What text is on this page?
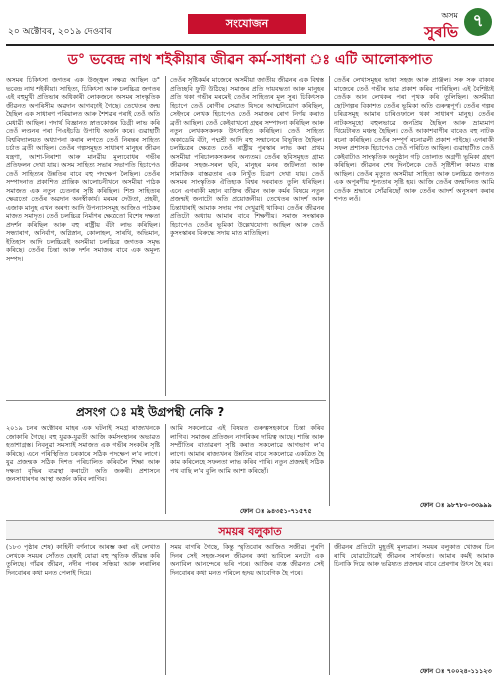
২০ অক্টোবৰ, ২০১৯ দেওবাৰ
সংযোজন
অসম
সুৰভি
৭
ড° ভবেন্দ্ৰ নাথ শইকীয়াৰ জীৱন কৰ্ম-সাধনা ঃ এটি আলোকপাত

অসমৰ চিকিৎসা জগতৰ এক উজ্জ্বল নক্ষত্ৰ আছিল ড° ভবেন্দ্ৰ নাথ শইকীয়া। সাহিত্য, চিকিৎসা আৰু চলচ্চিত্ৰ জগতৰ এই বহুমুখী প্ৰতিভাৰ অধিকাৰী লোকজনে অসমৰ সাংস্কৃতিক জীৱনত অপৰিসীম অৱদান আগবঢ়াই গৈছে। তেখেতৰ জন্ম হৈছিল এক সাধাৰণ পৰিয়ালত আৰু শৈশৱৰ পৰাই তেওঁ অতি মেধাৱী আছিল। পদাৰ্থ বিজ্ঞানত স্নাতকোত্তৰ ডিগ্ৰী লাভ কৰি তেওঁ লণ্ডনৰ পৰা পিএইচডি উপাধি অৰ্জন কৰে। গুৱাহাটী বিশ্ববিদ্যালয়ত অধ্যাপনা কৰাৰ লগতে তেওঁ নিৰন্তৰ সাহিত্য চৰ্চাত ব্ৰতী আছিল। তেওঁৰ গল্পসমূহত সাধাৰণ মানুহৰ জীৱন যন্ত্ৰণা, আশা-নিৰাশা আৰু মানৱীয় মূল্যবোধৰ গভীৰ প্ৰতিফলন দেখা যায়। অসম সাহিত্য সভাৰ সভাপতি হিচাপেও তেওঁ সাহিত্যৰ উন্নতিৰ বাবে বহু পদক্ষেপ লৈছিল। তেওঁৰ সম্পাদনাত প্ৰকাশিত প্ৰান্তিক আলোচনীখনে অসমীয়া পাঠক সমাজত এক নতুন চেতনাৰ সৃষ্টি কৰিছিল। শিশু সাহিত্যৰ ক্ষেত্ৰতো তেওঁৰ অৱদান অনস্বীকাৰ্য। মৰমৰ দেউতা, প্ৰহৰী, এজাক মানুহ এখন অৰণ্য আদি উপন্যাসসমূহ আজিও পাঠকৰ মাজত সমাদৃত। তেওঁ চলচ্চিত্ৰ নিৰ্মাণৰ ক্ষেত্ৰতো বিশেষ দক্ষতা প্ৰদৰ্শন কৰিছিল আৰু বহু ৰাষ্ট্ৰীয় বঁটা লাভ কৰিছিল। সন্ধ্যাৰাগ, অনিৰ্বাণ, অগ্নিস্নান, কোলাহল, সাৰথি, অভিমান, ইতিহাস আদি চলচ্চিত্ৰই অসমীয়া চলচ্চিত্ৰ জগতক সমৃদ্ধ কৰিছে। তেওঁৰ চিন্তা আৰু দৰ্শন সমাজৰ বাবে এক অমূল্য সম্পদ।

তেওঁৰ সৃষ্টিকৰ্মৰ মাজেৰে অসমীয়া জাতীয় জীৱনৰ এক বিশ্বস্ত প্ৰতিচ্ছবি ফুটি উঠিছে। সমাজৰ প্ৰতি দায়বদ্ধতা আৰু মানুহৰ প্ৰতি থকা গভীৰ মৰমেই তেওঁৰ সাহিত্যৰ মূল সুৰ। চিকিৎসক হিচাপে তেওঁ ৰোগীৰ সেৱাত যিদৰে আত্মনিয়োগ কৰিছিল, সেইদৰে লেখক হিচাপেও তেওঁ সমাজৰ ৰোগ নিৰ্ণয় কৰাত ব্ৰতী আছিল। তেওঁ কেইবাখনো গ্ৰন্থৰ সম্পাদনা কৰিছিল আৰু নতুন লেখকসকলক উৎসাহিত কৰিছিল। তেওঁ সাহিত্য অকাডেমি বঁটা, পদ্মশ্ৰী আদি বহু সন্মানেৰে বিভূষিত হৈছিল। চলচ্চিত্ৰৰ ক্ষেত্ৰত তেওঁ ৰাষ্ট্ৰীয় পুৰস্কাৰ লাভ কৰা প্ৰথম অসমীয়া পৰিচালকসকলৰ অন্যতম। তেওঁৰ ছবিসমূহত গ্ৰাম্য জীৱনৰ সহজ-সৰল ছবি, মানুহৰ মনৰ জটিলতা আৰু সামাজিক বাস্তৱতাৰ এক নিখুঁত চিত্ৰণ দেখা যায়। তেওঁ অসমৰ সাংস্কৃতিক ঐতিহ্যক বিশ্বৰ দৰবাৰত তুলি ধৰিছিল। এনে এগৰাকী মহান ব্যক্তিৰ জীৱন আৰু কৰ্মৰ বিষয়ে নতুন প্ৰজন্মই জনাটো অতি প্ৰয়োজনীয়। তেখেতৰ আদৰ্শ আৰু চিন্তাধাৰাই আমাক সদায় পথ দেখুৱাই থাকিব। তেওঁৰ জীৱনৰ প্ৰতিটো অধ্যায় আমাৰ বাবে শিক্ষণীয়। সমাজ সংস্কাৰক হিচাপেও তেওঁৰ ভূমিকা উল্লেখযোগ্য আছিল আৰু তেওঁ কুসংস্কাৰৰ বিৰুদ্ধে সদায় মাত মাতিছিল।

তেওঁৰ লেখাসমূহৰ ভাষা সহজ আৰু প্ৰাঞ্জল। সৰু সৰু বাক্যৰ মাজেৰে তেওঁ গভীৰ ভাৱ প্ৰকাশ কৰিব পাৰিছিল। এই বৈশিষ্ট্যই তেওঁক আন লেখকৰ পৰা পৃথক কৰি তুলিছিল। অসমীয়া ছোটগল্পৰ বিকাশত তেওঁৰ ভূমিকা অতি গুৰুত্বপূৰ্ণ। তেওঁৰ গল্পৰ চৰিত্ৰসমূহ আমাৰ চাৰিওফালে থকা সাধাৰণ মানুহ। তেওঁৰ নাটকসমূহো বহুলভাৱে জনপ্ৰিয় হৈছিল আৰু ভ্ৰাম্যমাণ থিয়েটাৰত মঞ্চস্থ হৈছিল। তেওঁ আকাশবাণীৰ বাবেও বহু নাটক ৰচনা কৰিছিল। তেওঁৰ সম্পূৰ্ণ ৰচনাৱলী প্ৰকাশ পাইছে। এগৰাকী সফল প্ৰশাসক হিচাপেও তেওঁ পৰিচিত আছিল। গুৱাহাটীত তেওঁ কেইবাটাও সাংস্কৃতিক অনুষ্ঠান গঢ়ি তোলাত অগ্ৰণী ভূমিকা গ্ৰহণ কৰিছিল। জীৱনৰ শেষ দিনলৈকে তেওঁ সৃষ্টিশীল কামত ব্যস্ত আছিল। তেওঁৰ মৃত্যুত অসমীয়া সাহিত্য আৰু চলচ্চিত্ৰ জগতত এক অপূৰণীয় শূন্যতাৰ সৃষ্টি হয়। আজি তেওঁৰ জন্মদিনত আমি তেওঁক শ্ৰদ্ধাৰে সোঁৱৰিছোঁ আৰু তেওঁৰ আদৰ্শ অনুসৰণ কৰাৰ শপত লওঁ।

ফোন ঃ ৯৮৭৮০-৩৩৯৯৯
প্ৰসংগ ঃ মই উগ্ৰপন্থী নেকি ?

২০১৯ চনৰ অক্টোবৰ মাহৰ এক ঘটনাই সমগ্ৰ ৰাজ্যখনকে জোকাৰি গৈছে। বহু যুৱক-যুৱতী আজি কৰ্মসংস্থানৰ অভাৱত হতাশাগ্ৰস্ত। নিবনুৱা সমস্যাই সমাজত এক গভীৰ সংকটৰ সৃষ্টি কৰিছে। এনে পৰিস্থিতিত চৰকাৰে সঠিক পদক্ষেপ ল'ব লাগে। যুৱ প্ৰজন্মক সঠিক দিশত পৰিচালিত কৰিবলৈ শিক্ষা আৰু দক্ষতা বৃদ্ধিৰ ব্যৱস্থা কৰাটো অতি জৰুৰী। প্ৰশাসনে জনসাধাৰণৰ আস্থা অৰ্জন কৰিব লাগিব।

আমি সকলোৱে এই বিষয়ত গুৰুত্বসহকাৰে চিন্তা কৰিব লাগিব। সমাজৰ প্ৰতিজন নাগৰিকৰ দায়িত্ব আছে। শান্তি আৰু সম্প্ৰীতিৰ বাতাৱৰণ সৃষ্টি কৰাত সকলোৱে আগভাগ ল'ব লাগে। আমাৰ ৰাজ্যখনৰ উন্নতিৰ বাবে সকলোৱে একত্ৰিত হৈ কাম কৰিলেহে সফলতা লাভ কৰিব পাৰি। নতুন প্ৰজন্মই সঠিক পথ বাছি ল'ব বুলি আমি আশা কৰিছোঁ।

ফোন ঃ ৯৪৩৫১-৭১৫৭৫
সময়ৰ বলুকাত

(১৮৩ পৃষ্ঠাৰ শেষ) কাহিনী বৰ্ণনাৰে আৰম্ভ কৰা এই লেখাত লেখকে সময়ৰ সোঁতত হেৰাই যোৱা বহু স্মৃতিক জীৱন্ত কৰি তুলিছে। গাঁৱৰ জীৱন, নদীৰ পাৰৰ সন্ধিয়া আৰু লৰালিৰ দিনবোৰৰ কথা মনত পেলাই দিয়ে।

সময় বাগৰি গৈছে, কিন্তু স্মৃতিবোৰ আজিও সজীৱ। পুৰণি দিনৰ সেই সহজ-সৰল জীৱনৰ কথা ভাবিলে মনটো এক অনাবিল আনন্দেৰে ভৰি পৰে। আজিৰ ব্যস্ত জীৱনত সেই দিনবোৰৰ কথা মনত পৰিলে হৃদয় আবেগিক হৈ পৰে।

জীৱনৰ প্ৰতিটো মুহূৰ্তই মূল্যৱান। সময়ৰ বলুকাত খোজৰ চিন ৰাখি যোৱাটোৱেই জীৱনৰ সাৰ্থকতা। আমাৰ কৰ্মই আমাক চিনাকি দিয়ে আৰু ভৱিষ্যত প্ৰজন্মৰ বাবে প্ৰেৰণাৰ উৎস হৈ ৰয়।

ফোন ঃ ৭০০২৪-১১১২৩
